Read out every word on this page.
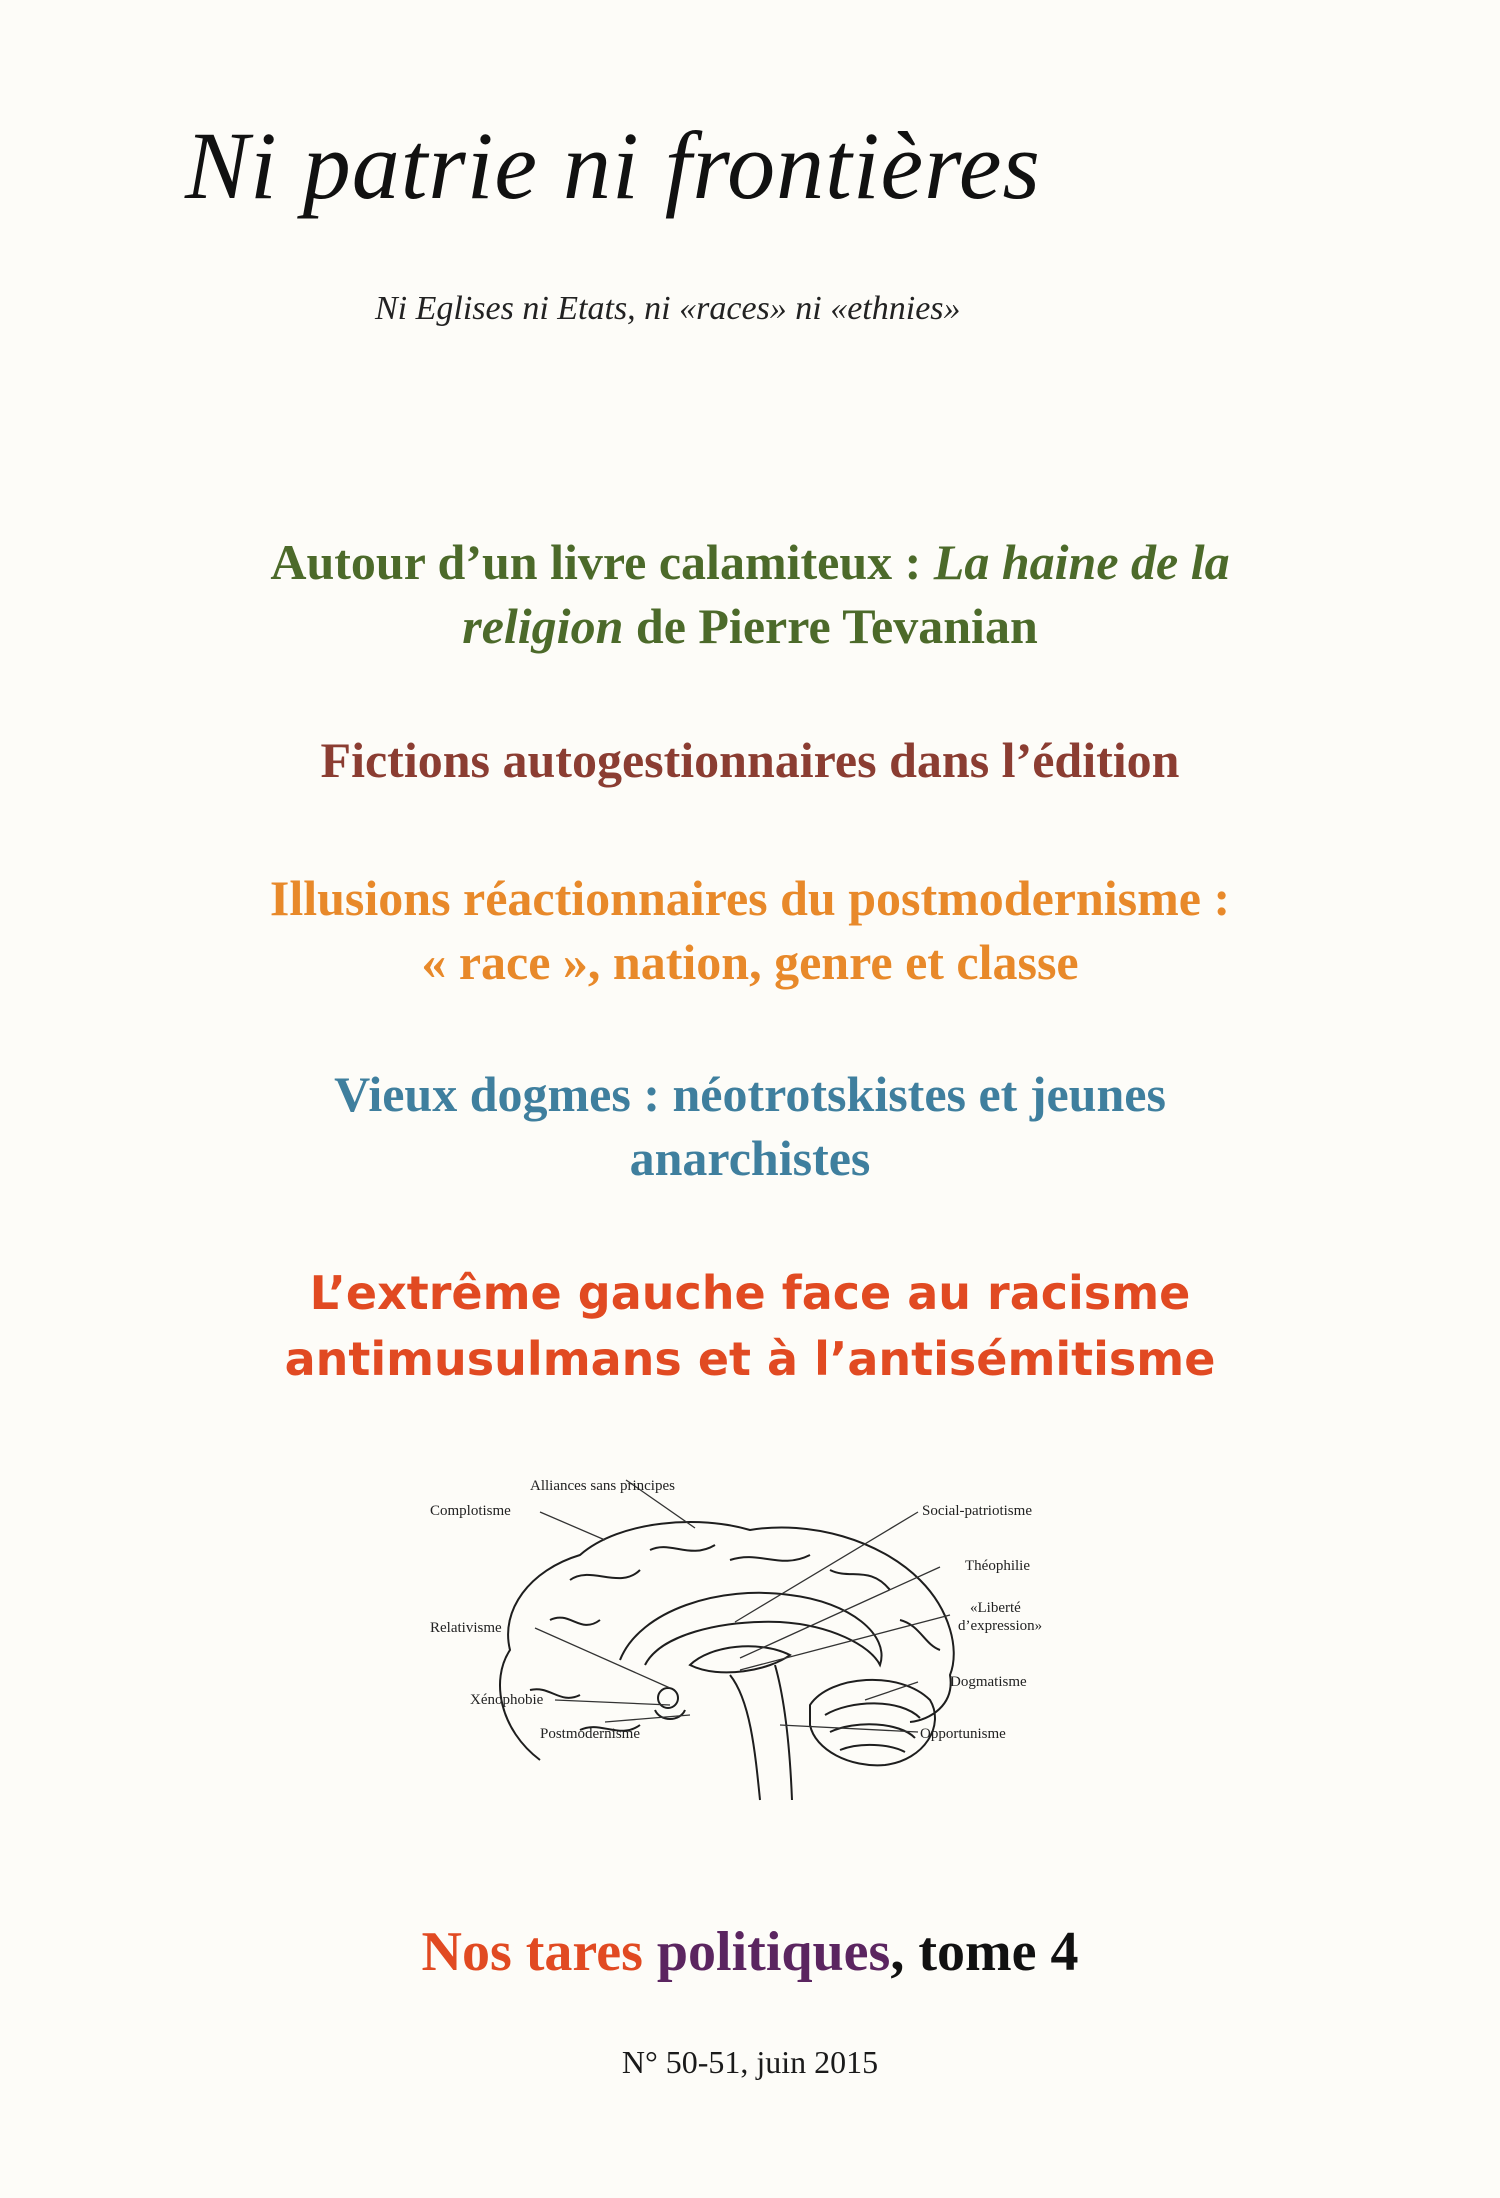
Ni patrie ni frontières
Ni Eglises ni Etats, ni «races» ni «ethnies»
Autour d’un livre calamiteux : La haine de la
religion de Pierre Tevanian
Fictions autogestionnaires dans l’édition
Illusions réactionnaires du postmodernisme :
« race », nation, genre et classe
Vieux dogmes : néotrotskistes et jeunes
anarchistes
L’extrême gauche face au racisme
antimusulmans et à l’antisémitisme
Alliances sans principes
Complotisme	Social-patriotisme
Théophilie
«Liberté
d’expression»
Relativisme
Dogmatisme
Xénophobie
Postmodernisme	Opportunisme
Nos tares politiques, tome 4
N° 50-51, juin 2015
